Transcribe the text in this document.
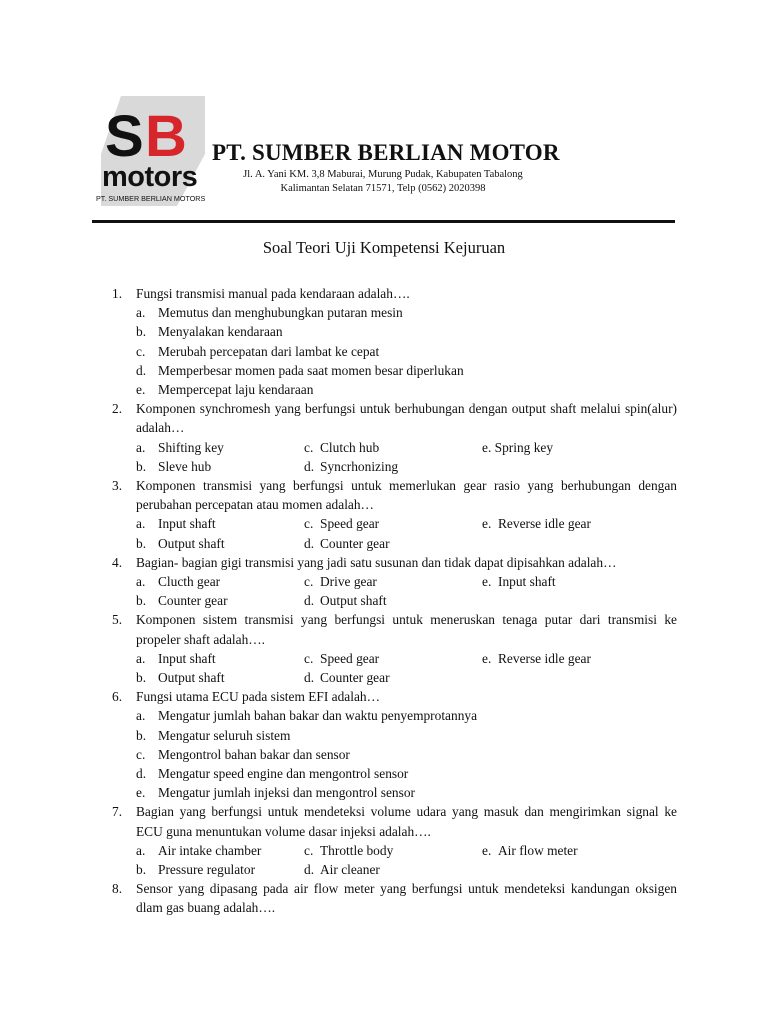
S B
motors
PT. SUMBER BERLIAN MOTORS
PT. SUMBER BERLIAN MOTOR
Jl. A. Yani KM. 3,8 Maburai, Murung Pudak, Kabupaten Tabalong
Kalimantan Selatan 71571, Telp (0562) 2020398
Soal Teori Uji Kompetensi Kejuruan
1. Fungsi transmisi manual pada kendaraan adalah….
a. Memutus dan menghubungkan putaran mesin
b. Menyalakan kendaraan
c. Merubah percepatan dari lambat ke cepat
d. Memperbesar momen pada saat momen besar diperlukan
e. Mempercepat laju kendaraan
2. Komponen synchromesh yang berfungsi untuk berhubungan dengan output shaft melalui spin(alur) adalah…
a. Shifting key	c. Clutch hub	e. Spring key
b. Sleve hub	d. Syncrhonizing
3. Komponen transmisi yang berfungsi untuk memerlukan gear rasio yang berhubungan dengan perubahan percepatan atau momen adalah…
a. Input shaft	c. Speed gear	e. Reverse idle gear
b. Output shaft	d. Counter gear
4. Bagian- bagian gigi transmisi yang jadi satu susunan dan tidak dapat dipisahkan adalah…
a. Clucth gear	c. Drive gear	e. Input shaft
b. Counter gear	d. Output shaft
5. Komponen sistem transmisi yang berfungsi untuk meneruskan tenaga putar dari transmisi ke propeler shaft adalah….
a. Input shaft	c. Speed gear	e. Reverse idle gear
b. Output shaft	d. Counter gear
6. Fungsi utama ECU pada sistem EFI adalah…
a. Mengatur jumlah bahan bakar dan waktu penyemprotannya
b. Mengatur seluruh sistem
c. Mengontrol bahan bakar dan sensor
d. Mengatur speed engine dan mengontrol sensor
e. Mengatur jumlah injeksi dan mengontrol sensor
7. Bagian yang berfungsi untuk mendeteksi volume udara yang masuk dan mengirimkan signal ke ECU guna menuntukan volume dasar injeksi adalah….
a. Air intake chamber	c. Throttle body	e. Air flow meter
b. Pressure regulator	d. Air cleaner
8. Sensor yang dipasang pada air flow meter yang berfungsi untuk mendeteksi kandungan oksigen dlam gas buang adalah….
